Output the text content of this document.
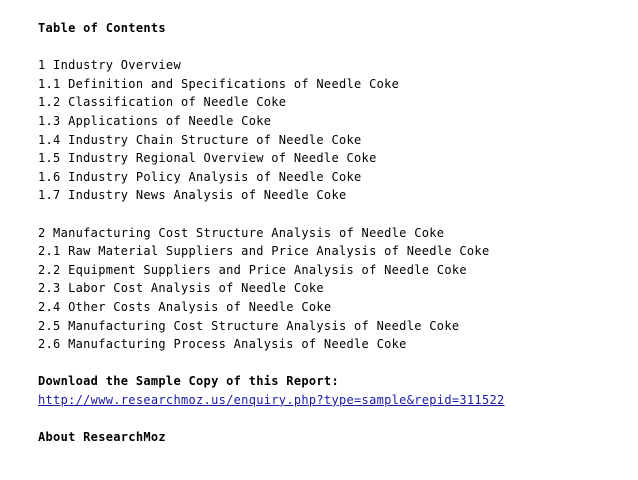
Table of Contents
1 Industry Overview
1.1 Definition and Specifications of Needle Coke
1.2 Classification of Needle Coke
1.3 Applications of Needle Coke
1.4 Industry Chain Structure of Needle Coke
1.5 Industry Regional Overview of Needle Coke
1.6 Industry Policy Analysis of Needle Coke
1.7 Industry News Analysis of Needle Coke
2 Manufacturing Cost Structure Analysis of Needle Coke
2.1 Raw Material Suppliers and Price Analysis of Needle Coke
2.2 Equipment Suppliers and Price Analysis of Needle Coke
2.3 Labor Cost Analysis of Needle Coke
2.4 Other Costs Analysis of Needle Coke
2.5 Manufacturing Cost Structure Analysis of Needle Coke
2.6 Manufacturing Process Analysis of Needle Coke
Download the Sample Copy of this Report:
http://www.researchmoz.us/enquiry.php?type=sample&repid=311522
About ResearchMoz
